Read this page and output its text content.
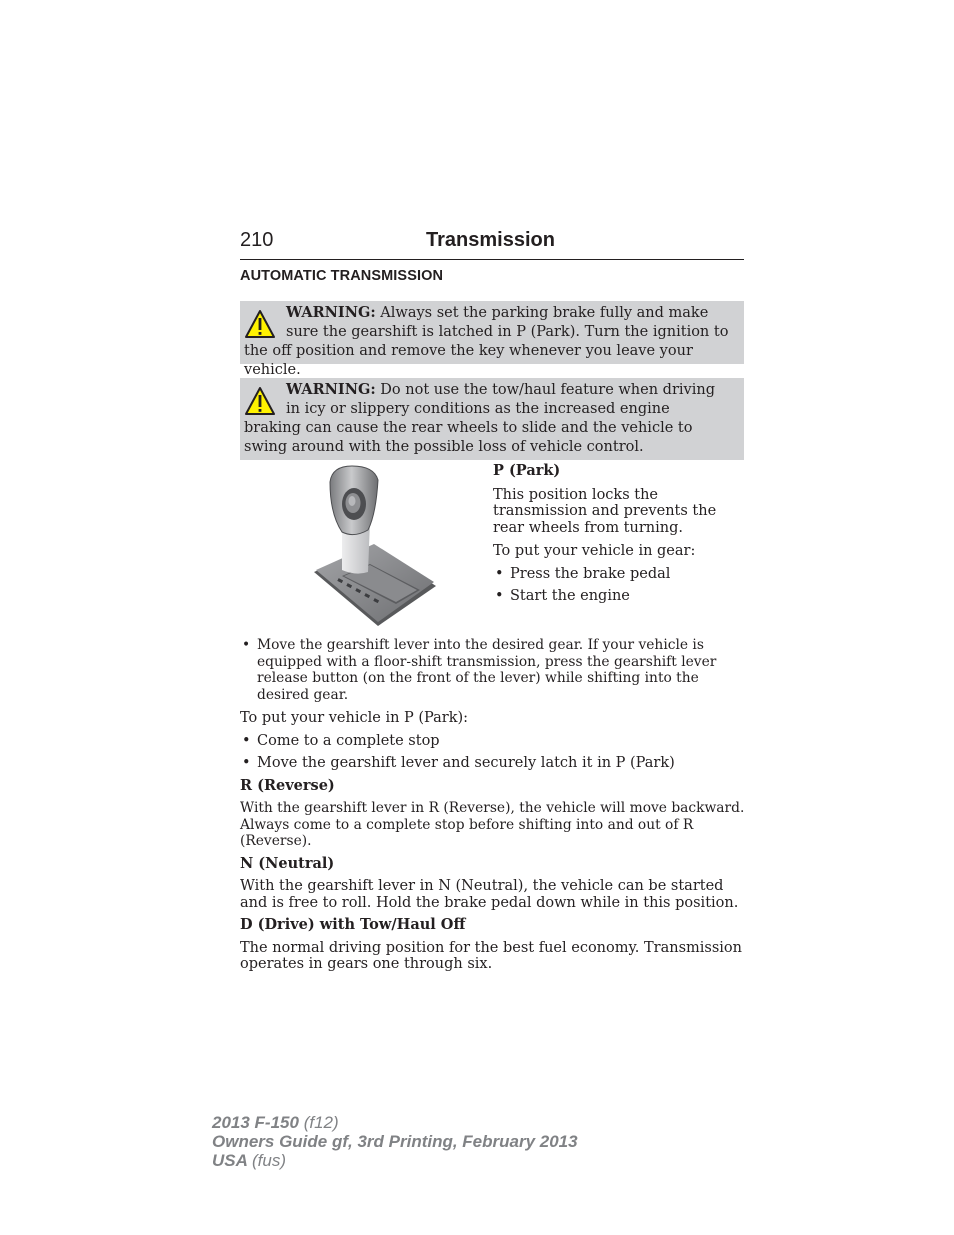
210	Transmission
AUTOMATIC TRANSMISSION
WARNING: Always set the parking brake fully and make sure the gearshift is latched in P (Park). Turn the ignition to the off position and remove the key whenever you leave your vehicle.
WARNING: Do not use the tow/haul feature when driving in icy or slippery conditions as the increased engine braking can cause the rear wheels to slide and the vehicle to swing around with the possible loss of vehicle control.

P (Park)

This position locks the transmission and prevents the rear wheels from turning.

To put your vehicle in gear:

• Press the brake pedal
• Start the engine
• Move the gearshift lever into the desired gear. If your vehicle is equipped with a floor-shift transmission, press the gearshift lever release button (on the front of the lever) while shifting into the desired gear.

To put your vehicle in P (Park):

• Come to a complete stop
• Move the gearshift lever and securely latch it in P (Park)

R (Reverse)

With the gearshift lever in R (Reverse), the vehicle will move backward. Always come to a complete stop before shifting into and out of R (Reverse).

N (Neutral)

With the gearshift lever in N (Neutral), the vehicle can be started and is free to roll. Hold the brake pedal down while in this position.

D (Drive) with Tow/Haul Off

The normal driving position for the best fuel economy. Transmission operates in gears one through six.

2013 F-150 (f12)
Owners Guide gf, 3rd Printing, February 2013
USA (fus)
